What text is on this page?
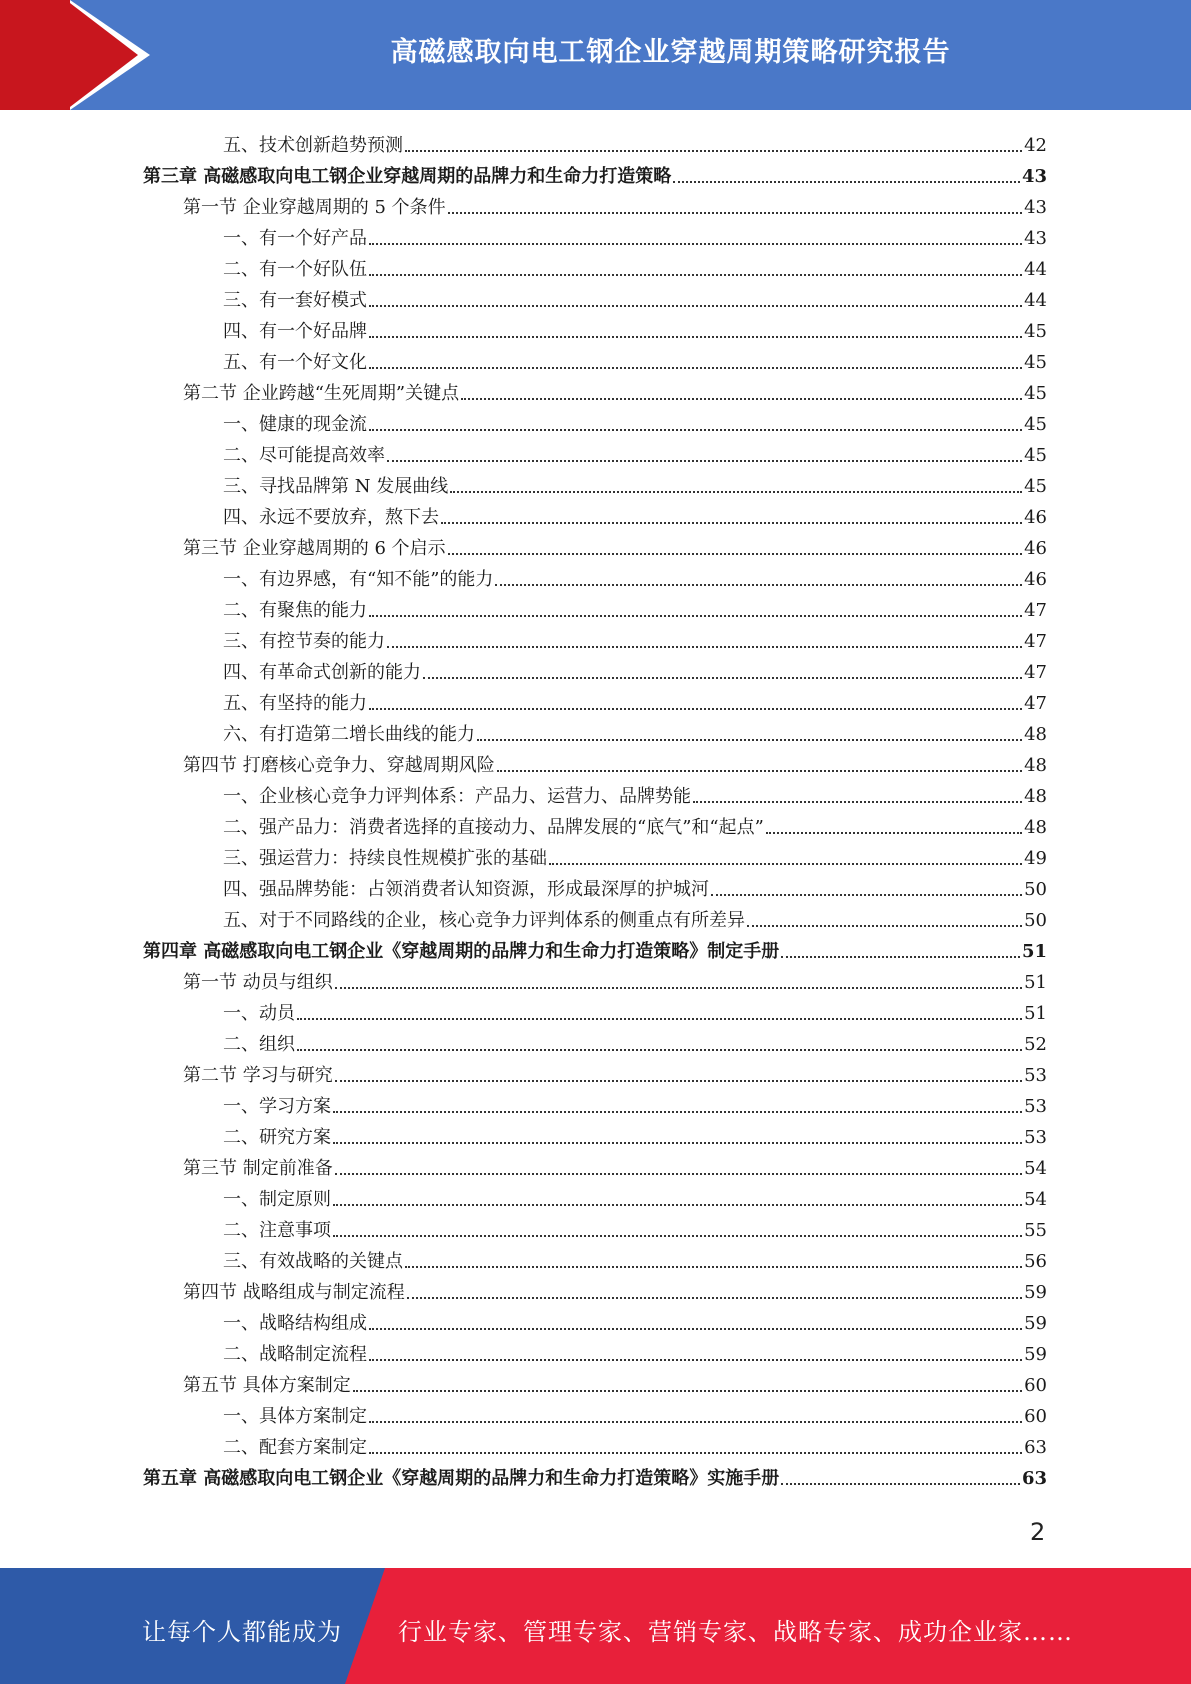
高磁感取向电工钢企业穿越周期策略研究报告
五、技术创新趋势预测	42
第三章 高磁感取向电工钢企业穿越周期的品牌力和生命力打造策略	43
第一节 企业穿越周期的 5 个条件	43
一、有一个好产品	43
二、有一个好队伍	44
三、有一套好模式	44
四、有一个好品牌	45
五、有一个好文化	45
第二节 企业跨越“生死周期”关键点	45
一、健康的现金流	45
二、尽可能提高效率	45
三、寻找品牌第 N 发展曲线	45
四、永远不要放弃，熬下去	46
第三节 企业穿越周期的 6 个启示	46
一、有边界感，有“知不能”的能力	46
二、有聚焦的能力	47
三、有控节奏的能力	47
四、有革命式创新的能力	47
五、有坚持的能力	47
六、有打造第二增长曲线的能力	48
第四节 打磨核心竞争力、穿越周期风险	48
一、企业核心竞争力评判体系：产品力、运营力、品牌势能	48
二、强产品力：消费者选择的直接动力、品牌发展的“底气”和“起点”	48
三、强运营力：持续良性规模扩张的基础	49
四、强品牌势能：占领消费者认知资源，形成最深厚的护城河	50
五、对于不同路线的企业，核心竞争力评判体系的侧重点有所差异	50
第四章 高磁感取向电工钢企业《穿越周期的品牌力和生命力打造策略》制定手册	51
第一节 动员与组织	51
一、动员	51
二、组织	52
第二节 学习与研究	53
一、学习方案	53
二、研究方案	53
第三节 制定前准备	54
一、制定原则	54
二、注意事项	55
三、有效战略的关键点	56
第四节 战略组成与制定流程	59
一、战略结构组成	59
二、战略制定流程	59
第五节 具体方案制定	60
一、具体方案制定	60
二、配套方案制定	63
第五章 高磁感取向电工钢企业《穿越周期的品牌力和生命力打造策略》实施手册	63
2
让每个人都能成为 行业专家、管理专家、营销专家、战略专家、成功企业家……
